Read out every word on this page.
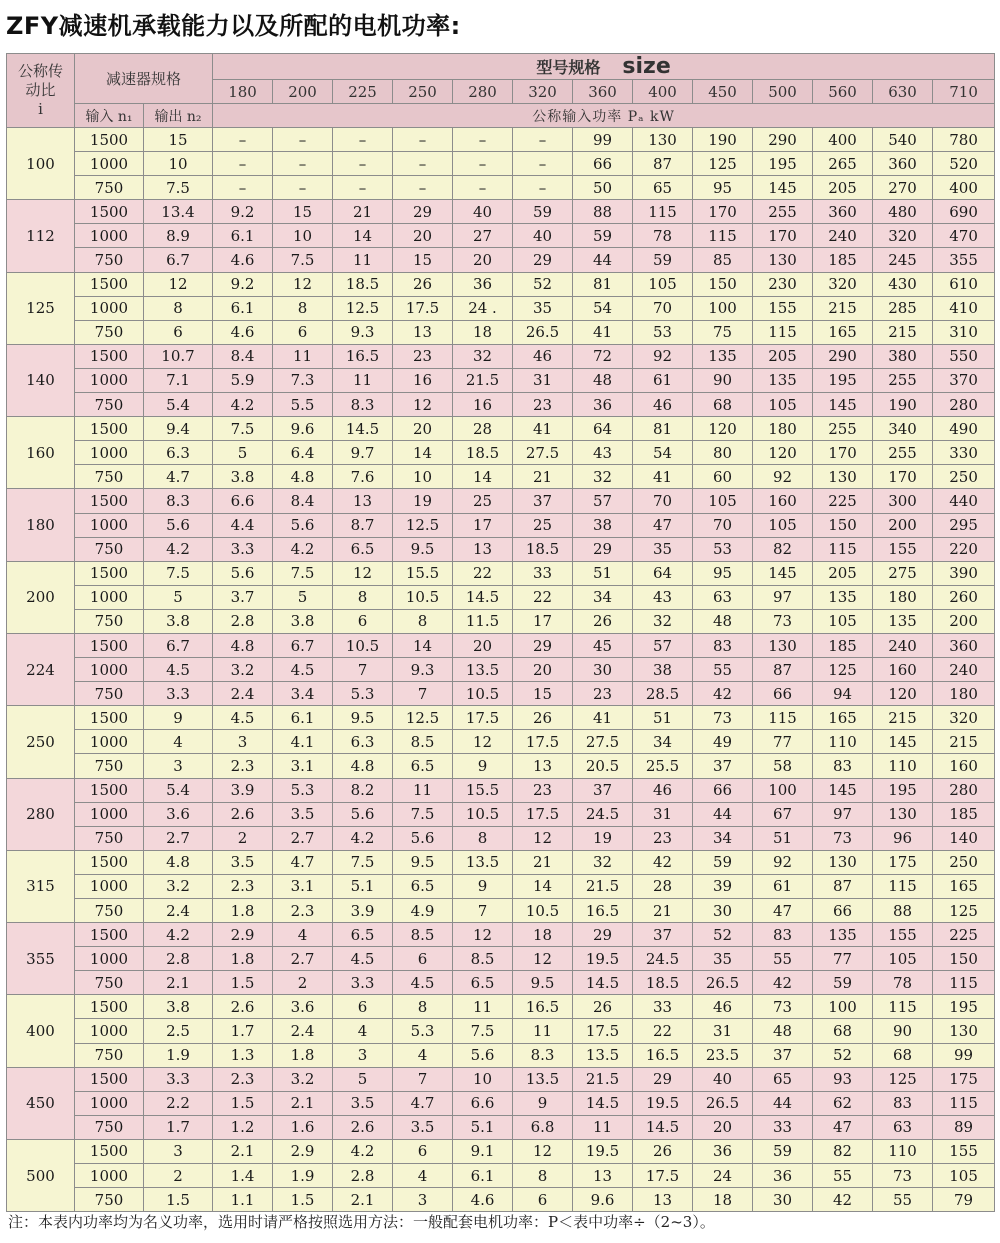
ZFY减速机承载能力以及所配的电机功率:
公称传
动比
i	减速器规格		型号规格 size												
			180	200	225	250	280	320	360	400	450	500	560	630	710
	输入 n₁	输出 n₂	公称输入功率 Pₐ kW												
100	1500	15	–	–	–	–	–	–	99	130	190	290	400	540	780
	1000	10	–	–	–	–	–	–	66	87	125	195	265	360	520
	750	7.5	–	–	–	–	–	–	50	65	95	145	205	270	400
112	1500	13.4	9.2	15	21	29	40	59	88	115	170	255	360	480	690
	1000	8.9	6.1	10	14	20	27	40	59	78	115	170	240	320	470
	750	6.7	4.6	7.5	11	15	20	29	44	59	85	130	185	245	355
125	1500	12	9.2	12	18.5	26	36	52	81	105	150	230	320	430	610
	1000	8	6.1	8	12.5	17.5	24 .	35	54	70	100	155	215	285	410
	750	6	4.6	6	9.3	13	18	26.5	41	53	75	115	165	215	310
140	1500	10.7	8.4	11	16.5	23	32	46	72	92	135	205	290	380	550
	1000	7.1	5.9	7.3	11	16	21.5	31	48	61	90	135	195	255	370
	750	5.4	4.2	5.5	8.3	12	16	23	36	46	68	105	145	190	280
160	1500	9.4	7.5	9.6	14.5	20	28	41	64	81	120	180	255	340	490
	1000	6.3	5	6.4	9.7	14	18.5	27.5	43	54	80	120	170	255	330
	750	4.7	3.8	4.8	7.6	10	14	21	32	41	60	92	130	170	250
180	1500	8.3	6.6	8.4	13	19	25	37	57	70	105	160	225	300	440
	1000	5.6	4.4	5.6	8.7	12.5	17	25	38	47	70	105	150	200	295
	750	4.2	3.3	4.2	6.5	9.5	13	18.5	29	35	53	82	115	155	220
200	1500	7.5	5.6	7.5	12	15.5	22	33	51	64	95	145	205	275	390
	1000	5	3.7	5	8	10.5	14.5	22	34	43	63	97	135	180	260
	750	3.8	2.8	3.8	6	8	11.5	17	26	32	48	73	105	135	200
224	1500	6.7	4.8	6.7	10.5	14	20	29	45	57	83	130	185	240	360
	1000	4.5	3.2	4.5	7	9.3	13.5	20	30	38	55	87	125	160	240
	750	3.3	2.4	3.4	5.3	7	10.5	15	23	28.5	42	66	94	120	180
250	1500	9	4.5	6.1	9.5	12.5	17.5	26	41	51	73	115	165	215	320
	1000	4	3	4.1	6.3	8.5	12	17.5	27.5	34	49	77	110	145	215
	750	3	2.3	3.1	4.8	6.5	9	13	20.5	25.5	37	58	83	110	160
280	1500	5.4	3.9	5.3	8.2	11	15.5	23	37	46	66	100	145	195	280
	1000	3.6	2.6	3.5	5.6	7.5	10.5	17.5	24.5	31	44	67	97	130	185
	750	2.7	2	2.7	4.2	5.6	8	12	19	23	34	51	73	96	140
315	1500	4.8	3.5	4.7	7.5	9.5	13.5	21	32	42	59	92	130	175	250
	1000	3.2	2.3	3.1	5.1	6.5	9	14	21.5	28	39	61	87	115	165
	750	2.4	1.8	2.3	3.9	4.9	7	10.5	16.5	21	30	47	66	88	125
355	1500	4.2	2.9	4	6.5	8.5	12	18	29	37	52	83	135	155	225
	1000	2.8	1.8	2.7	4.5	6	8.5	12	19.5	24.5	35	55	77	105	150
	750	2.1	1.5	2	3.3	4.5	6.5	9.5	14.5	18.5	26.5	42	59	78	115
400	1500	3.8	2.6	3.6	6	8	11	16.5	26	33	46	73	100	115	195
	1000	2.5	1.7	2.4	4	5.3	7.5	11	17.5	22	31	48	68	90	130
	750	1.9	1.3	1.8	3	4	5.6	8.3	13.5	16.5	23.5	37	52	68	99
450	1500	3.3	2.3	3.2	5	7	10	13.5	21.5	29	40	65	93	125	175
	1000	2.2	1.5	2.1	3.5	4.7	6.6	9	14.5	19.5	26.5	44	62	83	115
	750	1.7	1.2	1.6	2.6	3.5	5.1	6.8	11	14.5	20	33	47	63	89
500	1500	3	2.1	2.9	4.2	6	9.1	12	19.5	26	36	59	82	110	155
	1000	2	1.4	1.9	2.8	4	6.1	8	13	17.5	24	36	55	73	105
	750	1.5	1.1	1.5	2.1	3	4.6	6	9.6	13	18	30	42	55	79
注：本表内功率均为名义功率，选用时请严格按照选用方法：一般配套电机功率：P＜表中功率÷（2~3）。
